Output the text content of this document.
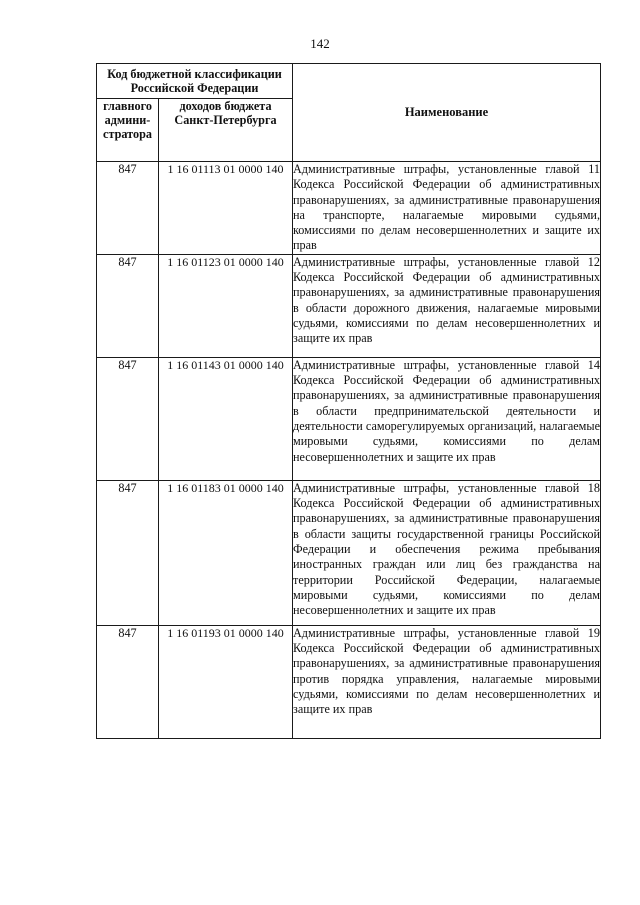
142
Код бюджетной классификации Российской Федерации		Наименование
главного админи-стратора	доходов бюджета Санкт-Петербурга	
847	1 16 01113 01 0000 140	Административные штрафы, установленные главой 11 Кодекса Российской Федерации об административных правонарушениях, за административные правонарушения на транспорте, налагаемые мировыми судьями, комиссиями по делам несовершеннолетних и защите их прав
847	1 16 01123 01 0000 140	Административные штрафы, установленные главой 12 Кодекса Российской Федерации об административных правонарушениях, за административные правонарушения в области дорожного движения, налагаемые мировыми судьями, комиссиями по делам несовершеннолетних и защите их прав
847	1 16 01143 01 0000 140	Административные штрафы, установленные главой 14 Кодекса Российской Федерации об административных правонарушениях, за административные правонарушения в области предпринимательской деятельности и деятельности саморегулируемых организаций, налагаемые мировыми судьями, комиссиями по делам несовершеннолетних и защите их прав
847	1 16 01183 01 0000 140	Административные штрафы, установленные главой 18 Кодекса Российской Федерации об административных правонарушениях, за административные правонарушения в области защиты государственной границы Российской Федерации и обеспечения режима пребывания иностранных граждан или лиц без гражданства на территории Российской Федерации, налагаемые мировыми судьями, комиссиями по делам несовершеннолетних и защите их прав
847	1 16 01193 01 0000 140	Административные штрафы, установленные главой 19 Кодекса Российской Федерации об административных правонарушениях, за административные правонарушения против порядка управления, налагаемые мировыми судьями, комиссиями по делам несовершеннолетних и защите их прав
